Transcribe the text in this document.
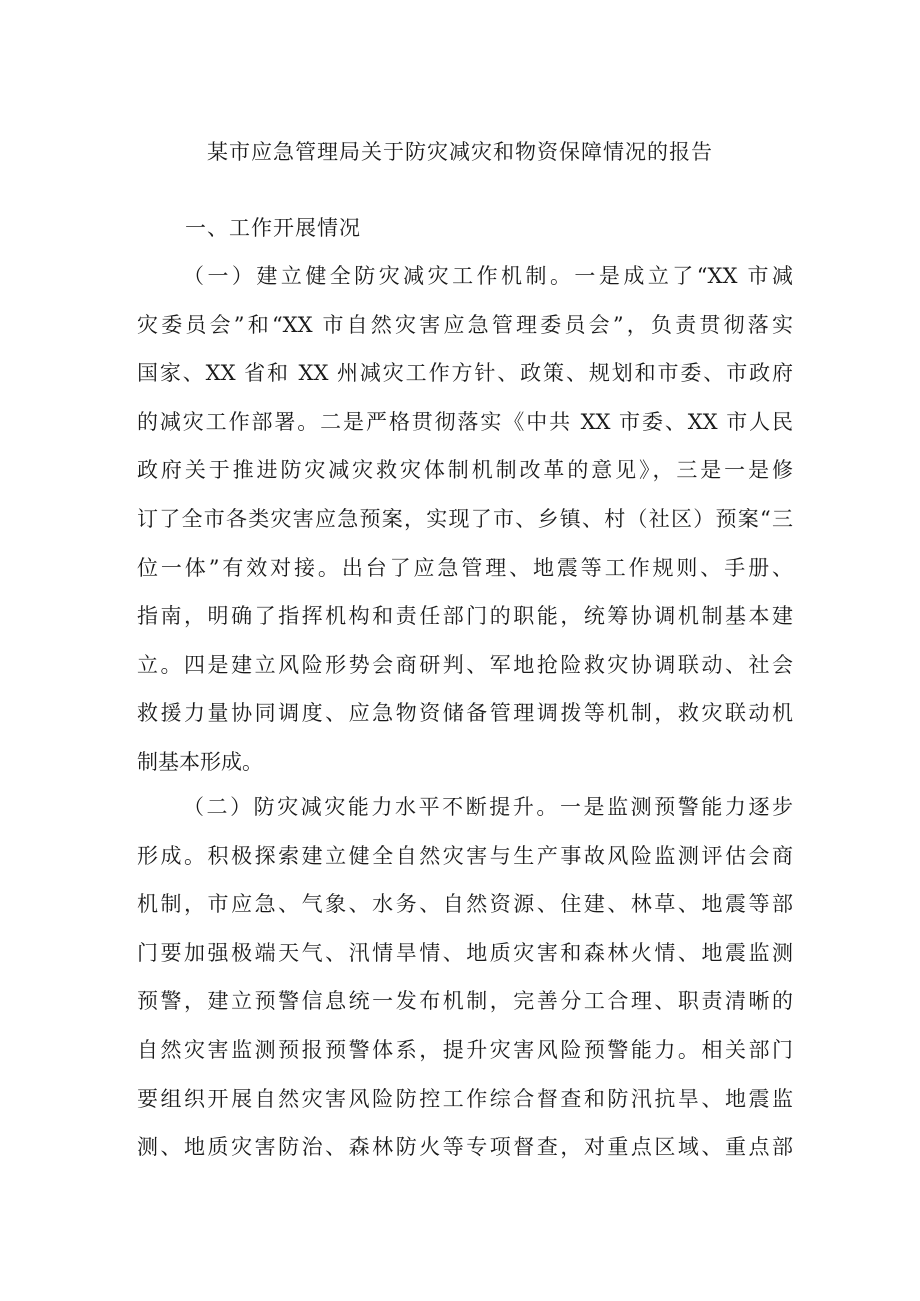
某市应急管理局关于防灾减灾和物资保障情况的报告
一、工作开展情况
（一）建立健全防灾减灾工作机制。一是成立了“XX 市减
灾委员会”和“XX 市自然灾害应急管理委员会”，负责贯彻落实
国家、XX 省和 XX 州减灾工作方针、政策、规划和市委、市政府
的减灾工作部署。二是严格贯彻落实《中共 XX 市委、XX 市人民
政府关于推进防灾减灾救灾体制机制改革的意见》，三是一是修
订了全市各类灾害应急预案，实现了市、乡镇、村（社区）预案“三
位一体”有效对接。出台了应急管理、地震等工作规则、手册、
指南，明确了指挥机构和责任部门的职能，统筹协调机制基本建
立。四是建立风险形势会商研判、军地抢险救灾协调联动、社会
救援力量协同调度、应急物资储备管理调拨等机制，救灾联动机
制基本形成。
（二）防灾减灾能力水平不断提升。一是监测预警能力逐步
形成。积极探索建立健全自然灾害与生产事故风险监测评估会商
机制，市应急、气象、水务、自然资源、住建、林草、地震等部
门要加强极端天气、汛情旱情、地质灾害和森林火情、地震监测
预警，建立预警信息统一发布机制，完善分工合理、职责清晰的
自然灾害监测预报预警体系，提升灾害风险预警能力。相关部门
要组织开展自然灾害风险防控工作综合督查和防汛抗旱、地震监
测、地质灾害防治、森林防火等专项督查，对重点区域、重点部
